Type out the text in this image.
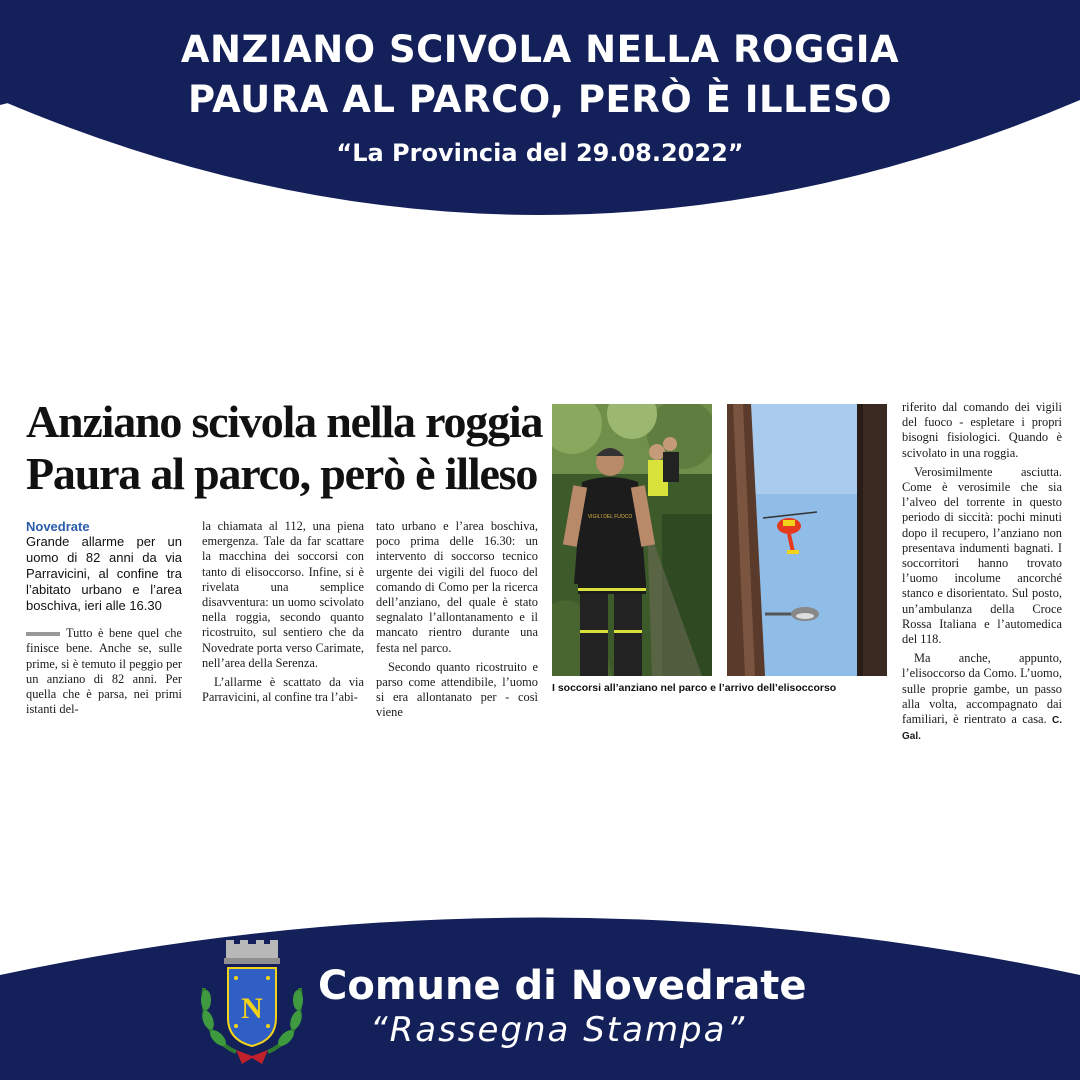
ANZIANO SCIVOLA NELLA ROGGIA
PAURA AL PARCO, PERÒ È ILLESO
“La Provincia del 29.08.2022”
Anziano scivola nella roggia
Paura al parco, però è illeso
Novedrate
Grande allarme per un uomo di 82 anni da via Parravicini, al confine tra l’abitato urbano e l’area boschiva, ieri alle 16.30

Tutto è bene quel che finisce bene. Anche se, sulle prime, si è temuto il peggio per un anziano di 82 anni. Per quella che è parsa, nei primi istanti del-

la chiamata al 112, una piena emergenza. Tale da far scattare la macchina dei soccorsi con tanto di elisoccorso. Infine, si è rivelata una semplice disavventura: un uomo scivolato nella roggia, secondo quanto ricostruito, sul sentiero che da Novedrate porta verso Carimate, nell’area della Serenza.

L’allarme è scattato da via Parravicini, al confine tra l’abi-

tato urbano e l’area boschiva, poco prima delle 16.30: un intervento di soccorso tecnico urgente dei vigili del fuoco del comando di Como per la ricerca dell’anziano, del quale è stato segnalato l’allontanamento e il mancato rientro durante una festa nel parco.

Secondo quanto ricostruito e parso come attendibile, l’uomo si era allontanato per - così viene

VIGILI DEL FUOCO
I soccorsi all’anziano nel parco e l’arrivo dell’elisoccorso

riferito dal comando dei vigili del fuoco - espletare i propri bisogni fisiologici. Quando è scivolato in una roggia.

Verosimilmente asciutta. Come è verosimile che sia l’alveo del torrente in questo periodo di siccità: pochi minuti dopo il recupero, l’anziano non presentava indumenti bagnati. I soccorritori hanno trovato l’uomo incolume ancorché stanco e disorientato. Sul posto, un’ambulanza della Croce Rossa Italiana e l’automedica del 118.

Ma anche, appunto, l’elisoccorso da Como. L’uomo, sulle proprie gambe, un passo alla volta, accompagnato dai familiari, è rientrato a casa. C. Gal.

N Comune di Novedrate
“Rassegna Stampa”
